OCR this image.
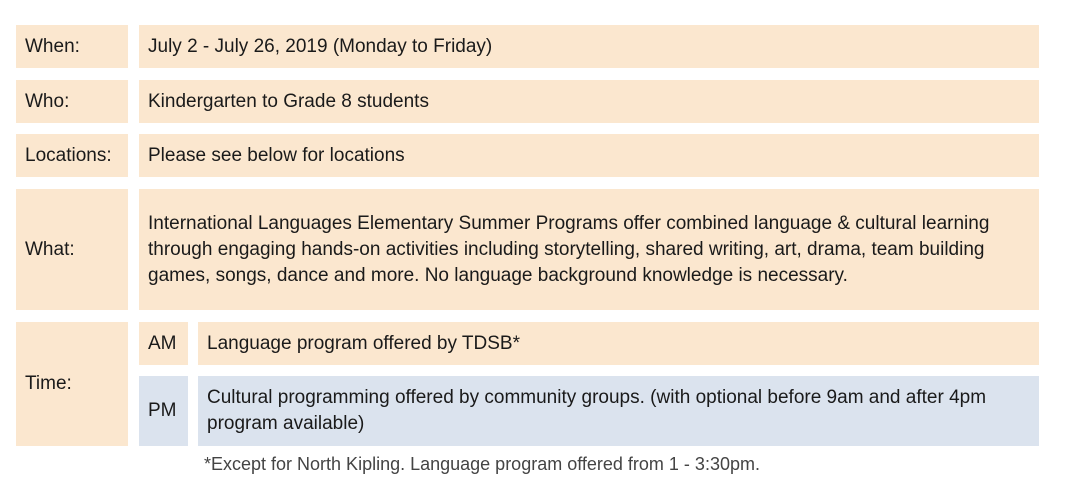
When:	July 2 - July 26, 2019 (Monday to Friday)
Who:	Kindergarten to Grade 8 students
Locations: Please see below for locations
What:
International Languages Elementary Summer Programs offer combined language & cultural learning through engaging hands-on activities including storytelling, shared writing, art, drama, team building games, songs, dance and more. No language background knowledge is necessary.
Time:
AM Language program offered by TDSB*
PM
Cultural programming offered by community groups. (with optional before 9am and after 4pm program available)
*Except for North Kipling. Language program offered from 1 - 3:30pm.
